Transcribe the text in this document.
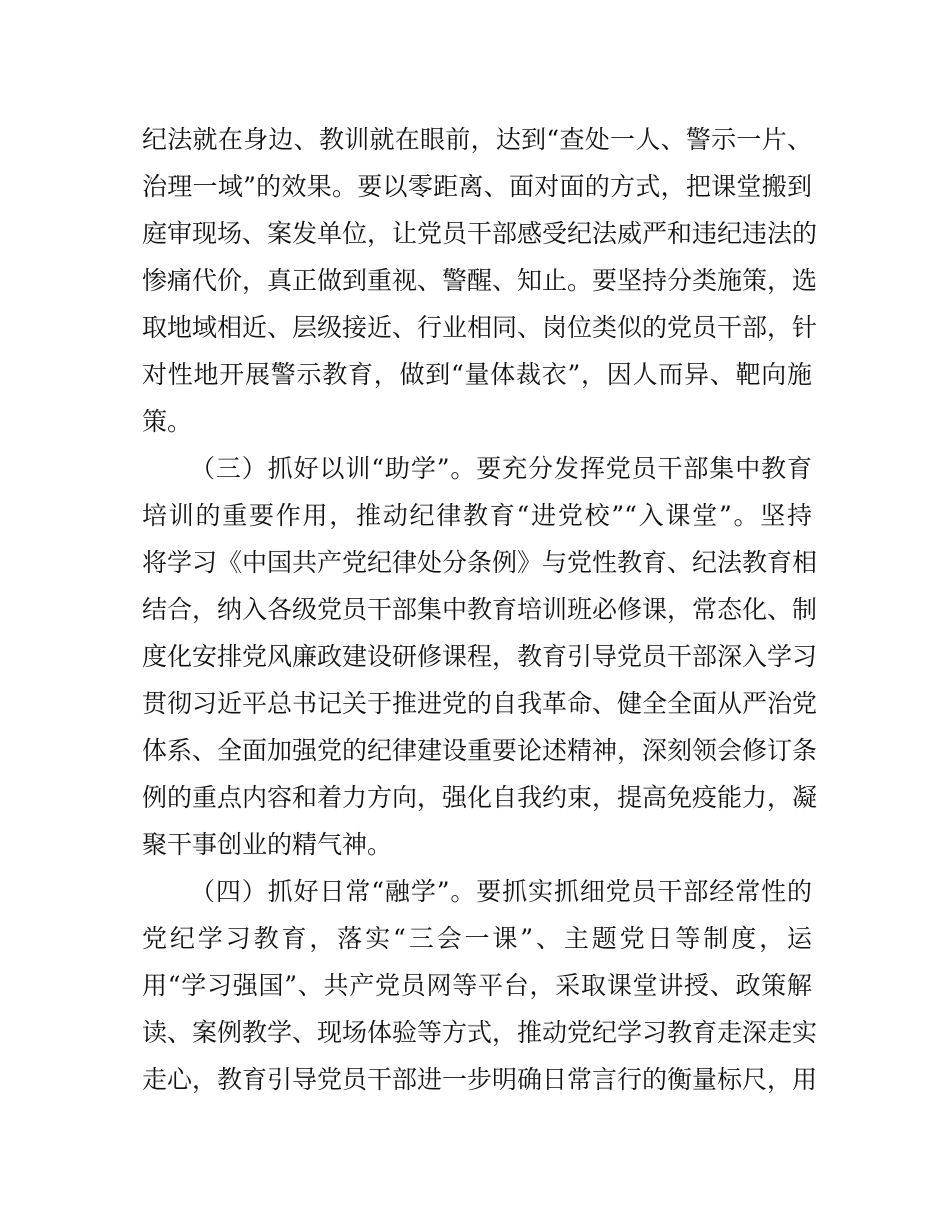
纪法就在身边、教训就在眼前，达到“查处一人、警示一片、
治理一域”的效果。要以零距离、面对面的方式，把课堂搬到
庭审现场、案发单位，让党员干部感受纪法威严和违纪违法的
惨痛代价，真正做到重视、警醒、知止。要坚持分类施策，选
取地域相近、层级接近、行业相同、岗位类似的党员干部，针
对性地开展警示教育，做到“量体裁衣”，因人而异、靶向施
策。
（三）抓好以训“助学”。要充分发挥党员干部集中教育
培训的重要作用，推动纪律教育“进党校”“入课堂”。坚持
将学习《中国共产党纪律处分条例》与党性教育、纪法教育相
结合，纳入各级党员干部集中教育培训班必修课，常态化、制
度化安排党风廉政建设研修课程，教育引导党员干部深入学习
贯彻习近平总书记关于推进党的自我革命、健全全面从严治党
体系、全面加强党的纪律建设重要论述精神，深刻领会修订条
例的重点内容和着力方向，强化自我约束，提高免疫能力，凝
聚干事创业的精气神。
（四）抓好日常“融学”。要抓实抓细党员干部经常性的
党纪学习教育，落实“三会一课”、主题党日等制度，运
用“学习强国”、共产党员网等平台，采取课堂讲授、政策解
读、案例教学、现场体验等方式，推动党纪学习教育走深走实
走心，教育引导党员干部进一步明确日常言行的衡量标尺，用
